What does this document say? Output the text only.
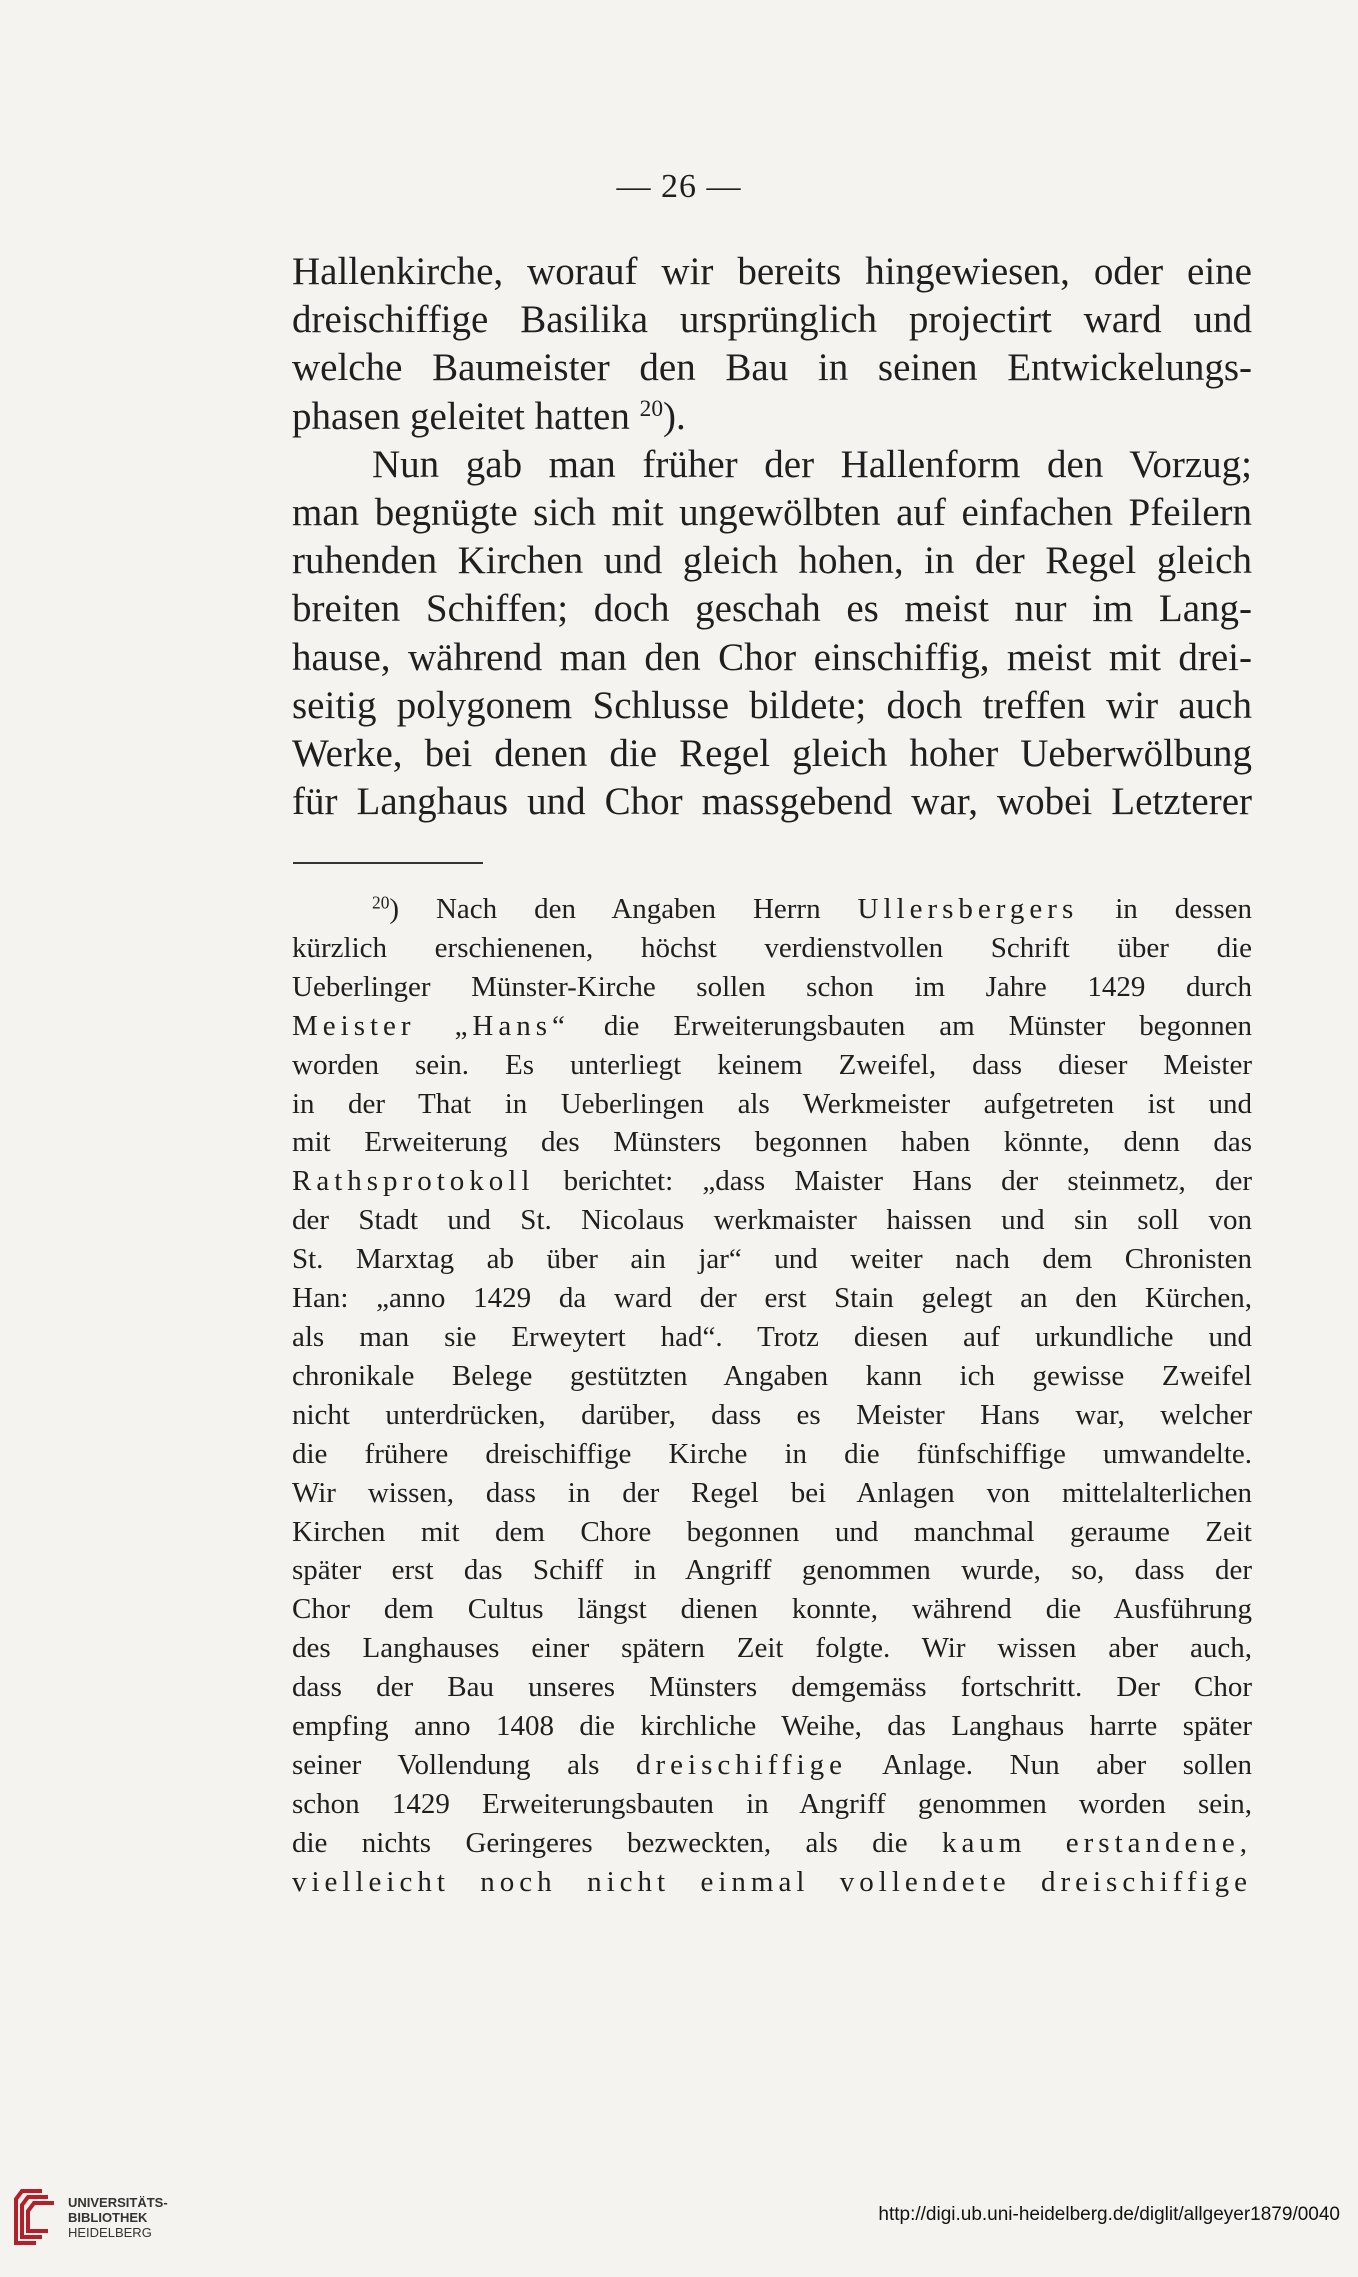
— 26 —
Hallenkirche, worauf wir bereits hingewiesen, oder eine
dreischiffige Basilika ursprünglich projectirt ward und
welche Baumeister den Bau in seinen Entwickelungs-
phasen geleitet hatten $^{20}$).
Nun gab man früher der Hallenform den Vorzug;
man begnügte sich mit ungewölbten auf einfachen Pfeilern
ruhenden Kirchen und gleich hohen, in der Regel gleich
breiten Schiffen; doch geschah es meist nur im Lang-
hause, während man den Chor einschiffig, meist mit drei-
seitig polygonem Schlusse bildete; doch treffen wir auch
Werke, bei denen die Regel gleich hoher Ueberwölbung
für Langhaus und Chor massgebend war, wobei Letzterer
$^{20}$) Nach den Angaben Herrn Ullersbergers in dessen
kürzlich erschienenen, höchst verdienstvollen Schrift über die
Ueberlinger Münster-Kirche sollen schon im Jahre 1429 durch
Meister „Hans“ die Erweiterungsbauten am Münster begonnen
worden sein. Es unterliegt keinem Zweifel, dass dieser Meister
in der That in Ueberlingen als Werkmeister aufgetreten ist und
mit Erweiterung des Münsters begonnen haben könnte, denn das
Rathsprotokoll berichtet: „dass Maister Hans der steinmetz, der
der Stadt und St. Nicolaus werkmaister haissen und sin soll von
St. Marxtag ab über ain jar“ und weiter nach dem Chronisten
Han: „anno 1429 da ward der erst Stain gelegt an den Kürchen,
als man sie Erweytert had“. Trotz diesen auf urkundliche und
chronikale Belege gestützten Angaben kann ich gewisse Zweifel
nicht unterdrücken, darüber, dass es Meister Hans war, welcher
die frühere dreischiffige Kirche in die fünfschiffige umwandelte.
Wir wissen, dass in der Regel bei Anlagen von mittelalterlichen
Kirchen mit dem Chore begonnen und manchmal geraume Zeit
später erst das Schiff in Angriff genommen wurde, so, dass der
Chor dem Cultus längst dienen konnte, während die Ausführung
des Langhauses einer spätern Zeit folgte. Wir wissen aber auch,
dass der Bau unseres Münsters demgemäss fortschritt. Der Chor
empfing anno 1408 die kirchliche Weihe, das Langhaus harrte später
seiner Vollendung als dreischiffige Anlage. Nun aber sollen
schon 1429 Erweiterungsbauten in Angriff genommen worden sein,
die nichts Geringeres bezweckten, als die kaum erstandene,
vielleicht noch nicht einmal vollendete dreischiffige
UNIVERSITÄTS-
BIBLIOTHEK
HEIDELBERG
http://digi.ub.uni-heidelberg.de/diglit/allgeyer1879/0040
